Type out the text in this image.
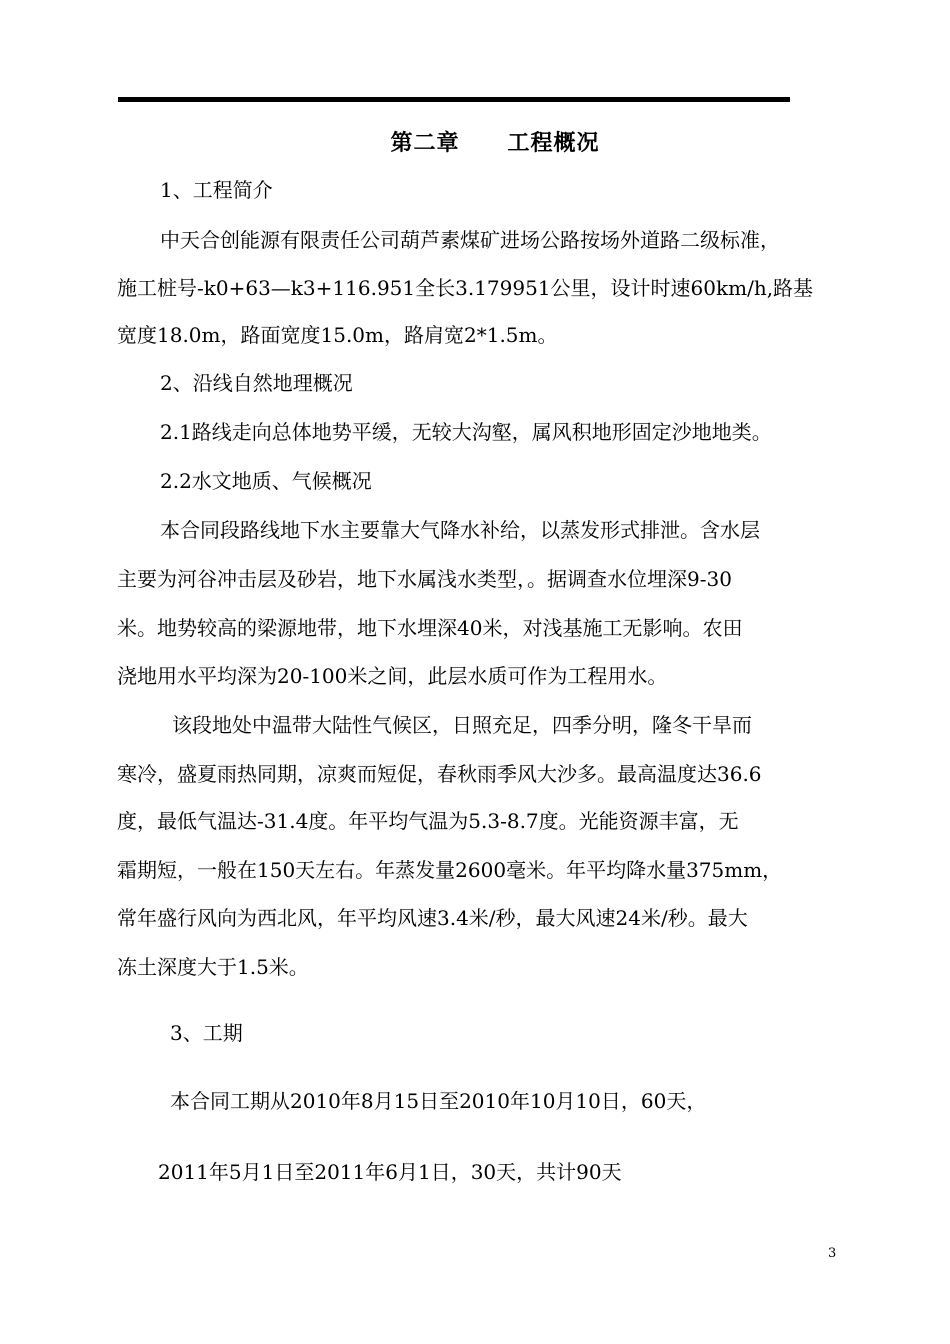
第二章 工程概况
1、工程简介
中天合创能源有限责任公司葫芦素煤矿进场公路按场外道路二级标准，
施工桩号-k0+63—k3+116.951全长3.179951公里，设计时速60km/h,路基
宽度18.0m，路面宽度15.0m，路肩宽2*1.5m。
2、沿线自然地理概况
2.1路线走向总体地势平缓，无较大沟壑，属风积地形固定沙地地类。
2.2水文地质、气候概况
本合同段路线地下水主要靠大气降水补给，以蒸发形式排泄。含水层
主要为河谷冲击层及砂岩，地下水属浅水类型，。据调查水位埋深9-30
米。地势较高的梁源地带，地下水埋深40米，对浅基施工无影响。农田
浇地用水平均深为20-100米之间，此层水质可作为工程用水。
该段地处中温带大陆性气候区，日照充足，四季分明，隆冬干旱而
寒冷，盛夏雨热同期，凉爽而短促，春秋雨季风大沙多。最高温度达36.6
度，最低气温达-31.4度。年平均气温为5.3-8.7度。光能资源丰富，无
霜期短，一般在150天左右。年蒸发量2600毫米。年平均降水量375mm，
常年盛行风向为西北风，年平均风速3.4米/秒，最大风速24米/秒。最大
冻土深度大于1.5米。
3、工期
本合同工期从2010年8月15日至2010年10月10日，60天，
2011年5月1日至2011年6月1日，30天，共计90天
3
